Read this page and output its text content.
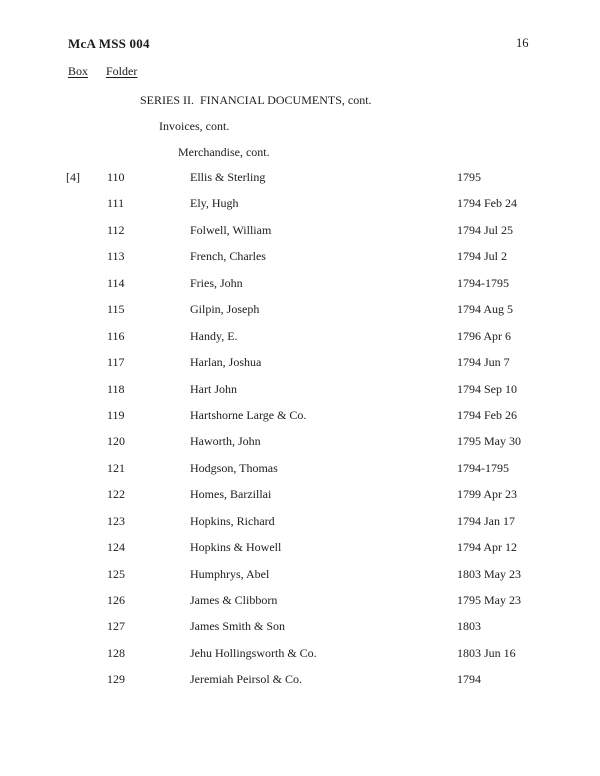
McA MSS 004	16
Box Folder
SERIES II.  FINANCIAL DOCUMENTS, cont.
Invoices, cont.
Merchandise, cont.
[4] 110	Ellis & Sterling	1795
111	Ely, Hugh	1794 Feb 24
112	Folwell, William	1794 Jul 25
113	French, Charles	1794 Jul 2
114	Fries, John	1794-1795
115	Gilpin, Joseph	1794 Aug 5
116	Handy, E.	1796 Apr 6
117	Harlan, Joshua	1794 Jun 7
118	Hart John	1794 Sep 10
119	Hartshorne Large & Co.	1794 Feb 26
120	Haworth, John	1795 May 30
121	Hodgson, Thomas	1794-1795
122	Homes, Barzillai	1799 Apr 23
123	Hopkins, Richard	1794 Jan 17
124	Hopkins & Howell	1794 Apr 12
125	Humphrys, Abel	1803 May 23
126	James & Clibborn	1795 May 23
127	James Smith & Son	1803
128	Jehu Hollingsworth & Co.	1803 Jun 16
129	Jeremiah Peirsol & Co.	1794
